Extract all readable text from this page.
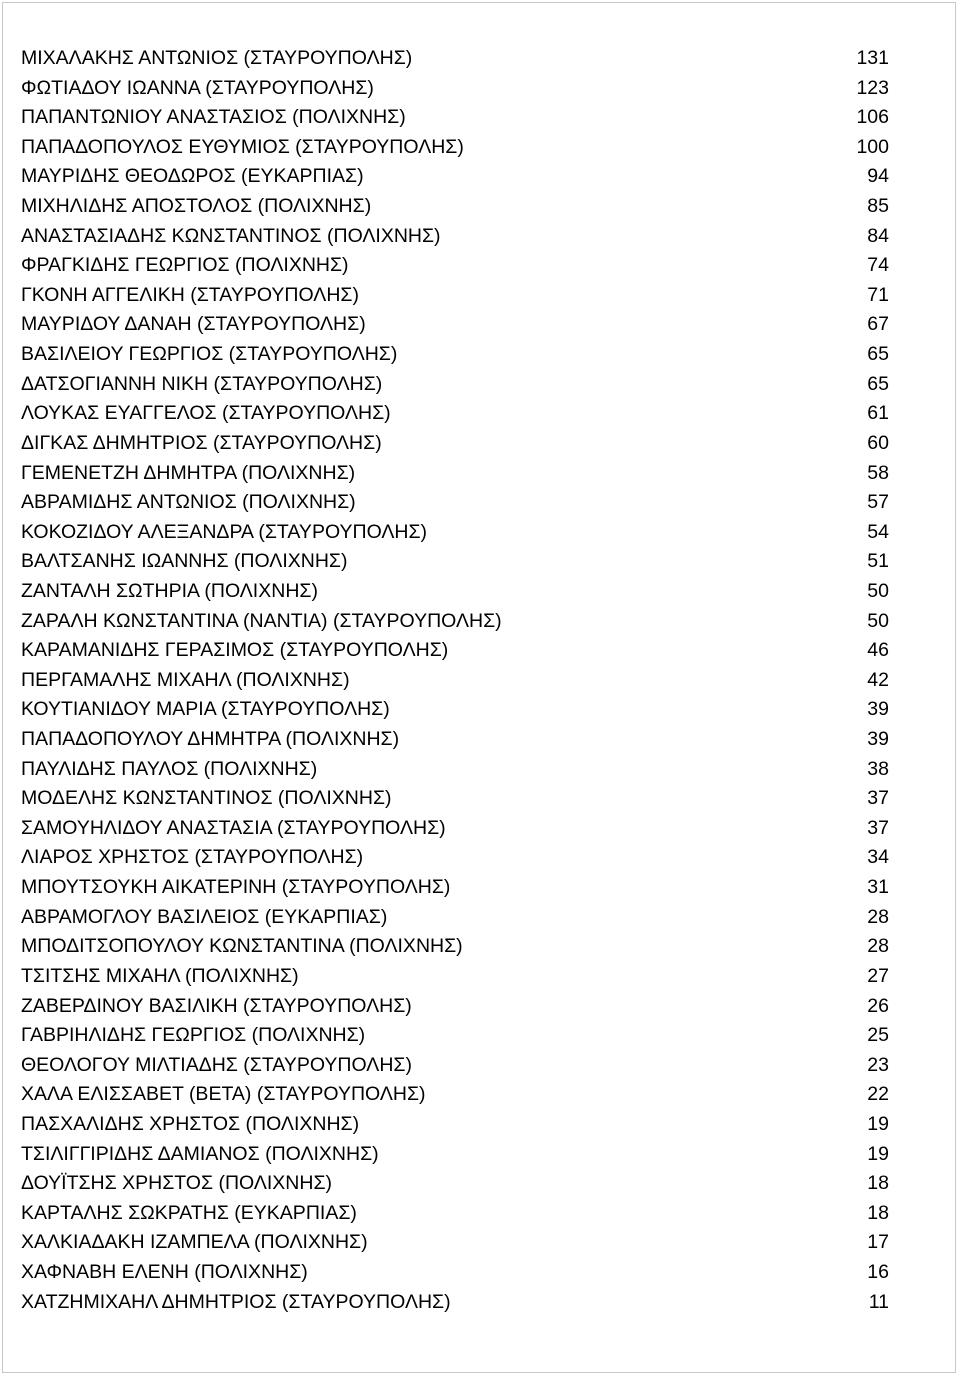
ΜΙΧΑΛΑΚΗΣ ΑΝΤΩΝΙΟΣ (ΣΤΑΥΡΟΥΠΟΛΗΣ)	131
ΦΩΤΙΑΔΟΥ ΙΩΑΝΝΑ (ΣΤΑΥΡΟΥΠΟΛΗΣ)	123
ΠΑΠΑΝΤΩΝΙΟΥ ΑΝΑΣΤΑΣΙΟΣ (ΠΟΛΙΧΝΗΣ)	106
ΠΑΠΑΔΟΠΟΥΛΟΣ ΕΥΘΥΜΙΟΣ (ΣΤΑΥΡΟΥΠΟΛΗΣ)	100
ΜΑΥΡΙΔΗΣ ΘΕΟΔΩΡΟΣ (ΕΥΚΑΡΠΙΑΣ)	94
ΜΙΧΗΛΙΔΗΣ ΑΠΟΣΤΟΛΟΣ (ΠΟΛΙΧΝΗΣ)	85
ΑΝΑΣΤΑΣΙΑΔΗΣ ΚΩΝΣΤΑΝΤΙΝΟΣ (ΠΟΛΙΧΝΗΣ)	84
ΦΡΑΓΚΙΔΗΣ ΓΕΩΡΓΙΟΣ (ΠΟΛΙΧΝΗΣ)	74
ΓΚΟΝΗ ΑΓΓΕΛΙΚΗ (ΣΤΑΥΡΟΥΠΟΛΗΣ)	71
ΜΑΥΡΙΔΟΥ ΔΑΝΑΗ (ΣΤΑΥΡΟΥΠΟΛΗΣ)	67
ΒΑΣΙΛΕΙΟΥ ΓΕΩΡΓΙΟΣ (ΣΤΑΥΡΟΥΠΟΛΗΣ)	65
ΔΑΤΣΟΓΙΑΝΝΗ ΝΙΚΗ (ΣΤΑΥΡΟΥΠΟΛΗΣ)	65
ΛΟΥΚΑΣ ΕΥΑΓΓΕΛΟΣ (ΣΤΑΥΡΟΥΠΟΛΗΣ)	61
ΔΙΓΚΑΣ ΔΗΜΗΤΡΙΟΣ (ΣΤΑΥΡΟΥΠΟΛΗΣ)	60
ΓΕΜΕΝΕΤΖΗ ΔΗΜΗΤΡΑ (ΠΟΛΙΧΝΗΣ)	58
ΑΒΡΑΜΙΔΗΣ ΑΝΤΩΝΙΟΣ (ΠΟΛΙΧΝΗΣ)	57
ΚΟΚΟΖΙΔΟΥ ΑΛΕΞΑΝΔΡΑ (ΣΤΑΥΡΟΥΠΟΛΗΣ)	54
ΒΑΛΤΣΑΝΗΣ ΙΩΑΝΝΗΣ (ΠΟΛΙΧΝΗΣ)	51
ΖΑΝΤΑΛΗ ΣΩΤΗΡΙΑ (ΠΟΛΙΧΝΗΣ)	50
ΖΑΡΑΛΗ ΚΩΝΣΤΑΝΤΙΝΑ (ΝΑΝΤΙΑ) (ΣΤΑΥΡΟΥΠΟΛΗΣ)	50
ΚΑΡΑΜΑΝΙΔΗΣ ΓΕΡΑΣΙΜΟΣ (ΣΤΑΥΡΟΥΠΟΛΗΣ)	46
ΠΕΡΓΑΜΑΛΗΣ ΜΙΧΑΗΛ (ΠΟΛΙΧΝΗΣ)	42
ΚΟΥΤΙΑΝΙΔΟΥ ΜΑΡΙΑ (ΣΤΑΥΡΟΥΠΟΛΗΣ)	39
ΠΑΠΑΔΟΠΟΥΛΟΥ ΔΗΜΗΤΡΑ (ΠΟΛΙΧΝΗΣ)	39
ΠΑΥΛΙΔΗΣ ΠΑΥΛΟΣ (ΠΟΛΙΧΝΗΣ)	38
ΜΟΔΕΛΗΣ ΚΩΝΣΤΑΝΤΙΝΟΣ (ΠΟΛΙΧΝΗΣ)	37
ΣΑΜΟΥΗΛΙΔΟΥ ΑΝΑΣΤΑΣΙΑ (ΣΤΑΥΡΟΥΠΟΛΗΣ)	37
ΛΙΑΡΟΣ ΧΡΗΣΤΟΣ (ΣΤΑΥΡΟΥΠΟΛΗΣ)	34
ΜΠΟΥΤΣΟΥΚΗ ΑΙΚΑΤΕΡΙΝΗ (ΣΤΑΥΡΟΥΠΟΛΗΣ)	31
ΑΒΡΑΜΟΓΛΟΥ ΒΑΣΙΛΕΙΟΣ (ΕΥΚΑΡΠΙΑΣ)	28
ΜΠΟΔΙΤΣΟΠΟΥΛΟΥ ΚΩΝΣΤΑΝΤΙΝΑ (ΠΟΛΙΧΝΗΣ)	28
ΤΣΙΤΣΗΣ ΜΙΧΑΗΛ (ΠΟΛΙΧΝΗΣ)	27
ΖΑΒΕΡΔΙΝΟΥ ΒΑΣΙΛΙΚΗ (ΣΤΑΥΡΟΥΠΟΛΗΣ)	26
ΓΑΒΡΙΗΛΙΔΗΣ ΓΕΩΡΓΙΟΣ (ΠΟΛΙΧΝΗΣ)	25
ΘΕΟΛΟΓΟΥ ΜΙΛΤΙΑΔΗΣ (ΣΤΑΥΡΟΥΠΟΛΗΣ)	23
ΧΑΛΑ ΕΛΙΣΣΑΒΕΤ (ΒΕΤΑ) (ΣΤΑΥΡΟΥΠΟΛΗΣ)	22
ΠΑΣΧΑΛΙΔΗΣ ΧΡΗΣΤΟΣ (ΠΟΛΙΧΝΗΣ)	19
ΤΣΙΛΙΓΓΙΡΙΔΗΣ ΔΑΜΙΑΝΟΣ (ΠΟΛΙΧΝΗΣ)	19
ΔΟΥΪΤΣΗΣ ΧΡΗΣΤΟΣ (ΠΟΛΙΧΝΗΣ)	18
ΚΑΡΤΑΛΗΣ ΣΩΚΡΑΤΗΣ (ΕΥΚΑΡΠΙΑΣ)	18
ΧΑΛΚΙΑΔΑΚΗ ΙΖΑΜΠΕΛΑ (ΠΟΛΙΧΝΗΣ)	17
ΧΑΦΝΑΒΗ ΕΛΕΝΗ (ΠΟΛΙΧΝΗΣ)	16
ΧΑΤΖΗΜΙΧΑΗΛ ΔΗΜΗΤΡΙΟΣ (ΣΤΑΥΡΟΥΠΟΛΗΣ)	11
